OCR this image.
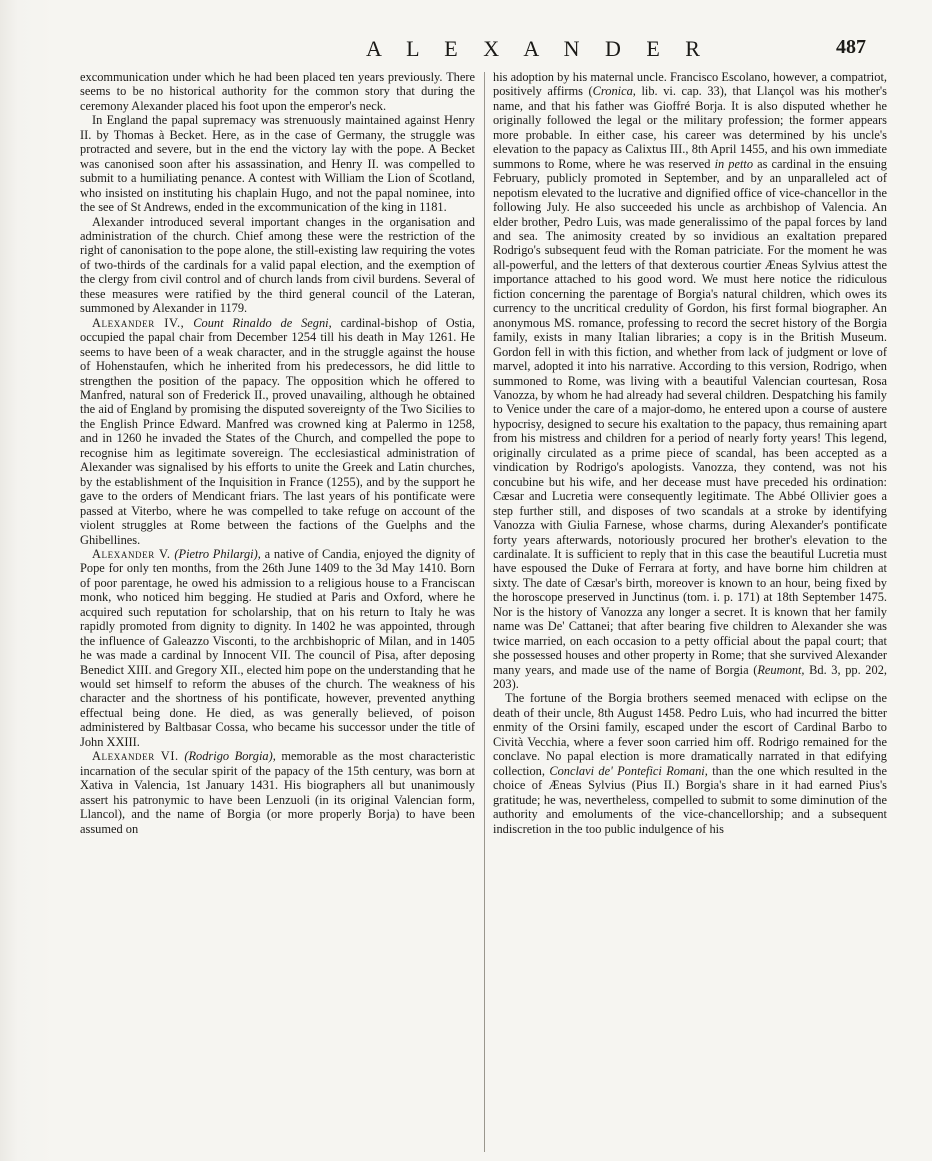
A L E X A N D E R	487

excommunication under which he had been placed ten years previously. There seems to be no historical authority for the common story that during the ceremony Alexander placed his foot upon the emperor's neck.

In England the papal supremacy was strenuously maintained against Henry II. by Thomas à Becket. Here, as in the case of Germany, the struggle was protracted and severe, but in the end the victory lay with the pope. A Becket was canonised soon after his assassination, and Henry II. was compelled to submit to a humiliating penance. A contest with William the Lion of Scotland, who insisted on instituting his chaplain Hugo, and not the papal nominee, into the see of St Andrews, ended in the excommunication of the king in 1181.

Alexander introduced several important changes in the organisation and administration of the church. Chief among these were the restriction of the right of canonisation to the pope alone, the still-existing law requiring the votes of two-thirds of the cardinals for a valid papal election, and the exemption of the clergy from civil control and of church lands from civil burdens. Several of these measures were ratified by the third general council of the Lateran, summoned by Alexander in 1179.

Alexander IV., Count Rinaldo de Segni, cardinal-bishop of Ostia, occupied the papal chair from December 1254 till his death in May 1261. He seems to have been of a weak character, and in the struggle against the house of Hohenstaufen, which he inherited from his predecessors, he did little to strengthen the position of the papacy. The opposition which he offered to Manfred, natural son of Frederick II., proved unavailing, although he obtained the aid of England by promising the disputed sovereignty of the Two Sicilies to the English Prince Edward. Manfred was crowned king at Palermo in 1258, and in 1260 he invaded the States of the Church, and compelled the pope to recognise him as legitimate sovereign. The ecclesiastical administration of Alexander was signalised by his efforts to unite the Greek and Latin churches, by the establishment of the Inquisition in France (1255), and by the support he gave to the orders of Mendicant friars. The last years of his pontificate were passed at Viterbo, where he was compelled to take refuge on account of the violent struggles at Rome between the factions of the Guelphs and the Ghibellines.

Alexander V. (Pietro Philargi), a native of Candia, enjoyed the dignity of Pope for only ten months, from the 26th June 1409 to the 3d May 1410. Born of poor parentage, he owed his admission to a religious house to a Franciscan monk, who noticed him begging. He studied at Paris and Oxford, where he acquired such reputation for scholarship, that on his return to Italy he was rapidly promoted from dignity to dignity. In 1402 he was appointed, through the influence of Galeazzo Visconti, to the archbishopric of Milan, and in 1405 he was made a cardinal by Innocent VII. The council of Pisa, after deposing Benedict XIII. and Gregory XII., elected him pope on the understanding that he would set himself to reform the abuses of the church. The weakness of his character and the shortness of his pontificate, however, prevented anything effectual being done. He died, as was generally believed, of poison administered by Baltbasar Cossa, who became his successor under the title of John XXIII.

Alexander VI. (Rodrigo Borgia), memorable as the most characteristic incarnation of the secular spirit of the papacy of the 15th century, was born at Xativa in Valencia, 1st January 1431. His biographers all but unanimously assert his patronymic to have been Lenzuoli (in its original Valencian form, Llancol), and the name of Borgia (or more properly Borja) to have been assumed on

his adoption by his maternal uncle. Francisco Escolano, however, a compatriot, positively affirms (Cronica, lib. vi. cap. 33), that Llançol was his mother's name, and that his father was Gioffré Borja. It is also disputed whether he originally followed the legal or the military profession; the former appears more probable. In either case, his career was determined by his uncle's elevation to the papacy as Calixtus III., 8th April 1455, and his own immediate summons to Rome, where he was reserved in petto as cardinal in the ensuing February, publicly promoted in September, and by an unparalleled act of nepotism elevated to the lucrative and dignified office of vice-chancellor in the following July. He also succeeded his uncle as archbishop of Valencia. An elder brother, Pedro Luis, was made generalissimo of the papal forces by land and sea. The animosity created by so invidious an exaltation prepared Rodrigo's subsequent feud with the Roman patriciate. For the moment he was all-powerful, and the letters of that dexterous courtier Æneas Sylvius attest the importance attached to his good word. We must here notice the ridiculous fiction concerning the parentage of Borgia's natural children, which owes its currency to the uncritical credulity of Gordon, his first formal biographer. An anonymous MS. romance, professing to record the secret history of the Borgia family, exists in many Italian libraries; a copy is in the British Museum. Gordon fell in with this fiction, and whether from lack of judgment or love of marvel, adopted it into his narrative. According to this version, Rodrigo, when summoned to Rome, was living with a beautiful Valencian courtesan, Rosa Vanozza, by whom he had already had several children. Despatching his family to Venice under the care of a major-domo, he entered upon a course of austere hypocrisy, designed to secure his exaltation to the papacy, thus remaining apart from his mistress and children for a period of nearly forty years! This legend, originally circulated as a prime piece of scandal, has been accepted as a vindication by Rodrigo's apologists. Vanozza, they contend, was not his concubine but his wife, and her decease must have preceded his ordination: Cæsar and Lucretia were consequently legitimate. The Abbé Ollivier goes a step further still, and disposes of two scandals at a stroke by identifying Vanozza with Giulia Farnese, whose charms, during Alexander's pontificate forty years afterwards, notoriously procured her brother's elevation to the cardinalate. It is sufficient to reply that in this case the beautiful Lucretia must have espoused the Duke of Ferrara at forty, and have borne him children at sixty. The date of Cæsar's birth, moreover is known to an hour, being fixed by the horoscope preserved in Junctinus (tom. i. p. 171) at 18th September 1475. Nor is the history of Vanozza any longer a secret. It is known that her family name was De' Cattanei; that after bearing five children to Alexander she was twice married, on each occasion to a petty official about the papal court; that she possessed houses and other property in Rome; that she survived Alexander many years, and made use of the name of Borgia (Reumont, Bd. 3, pp. 202, 203).

The fortune of the Borgia brothers seemed menaced with eclipse on the death of their uncle, 8th August 1458. Pedro Luis, who had incurred the bitter enmity of the Orsini family, escaped under the escort of Cardinal Barbo to Cività Vecchia, where a fever soon carried him off. Rodrigo remained for the conclave. No papal election is more dramatically narrated in that edifying collection, Conclavi de' Pontefici Romani, than the one which resulted in the choice of Æneas Sylvius (Pius II.) Borgia's share in it had earned Pius's gratitude; he was, nevertheless, compelled to submit to some diminution of the authority and emoluments of the vice-chancellorship; and a subsequent indiscretion in the too public indulgence of his
